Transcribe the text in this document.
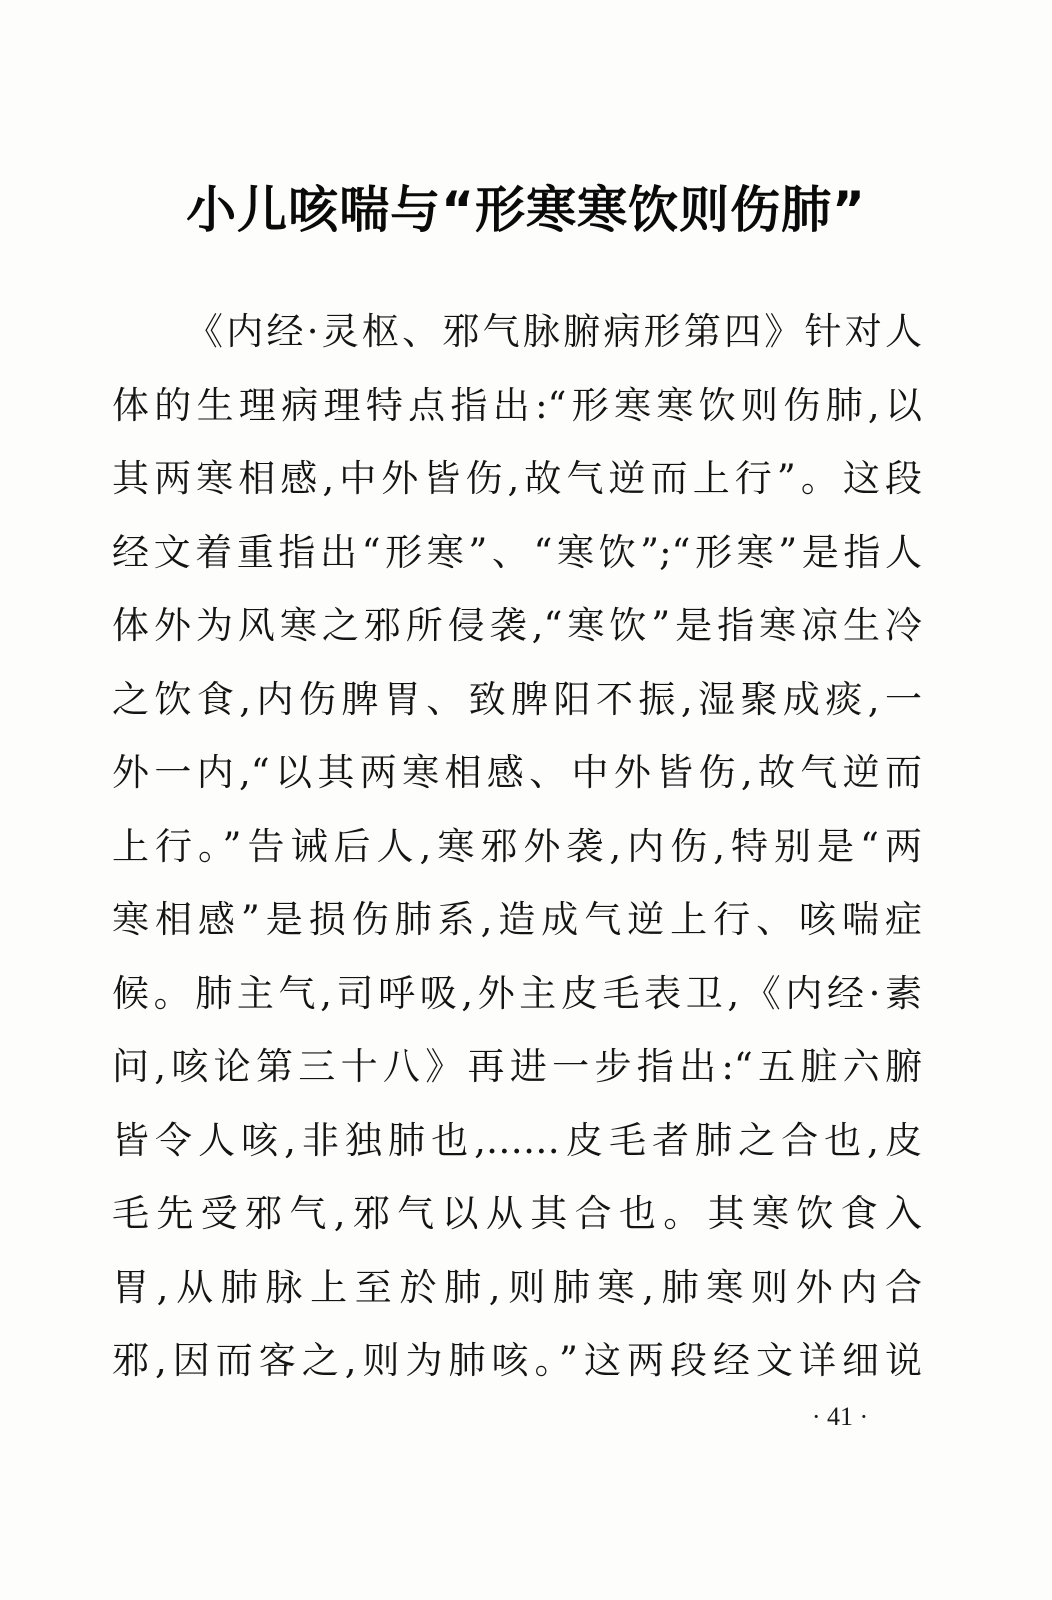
小儿咳喘与“形寒寒饮则伤肺”
《内经·灵枢、邪气脉腑病形第四》针对人
体的生理病理特点指出:“形寒寒饮则伤肺,以
其两寒相感,中外皆伤,故气逆而上行”。这段
经文着重指出“形寒”、“寒饮”;“形寒”是指人
体外为风寒之邪所侵袭,“寒饮”是指寒凉生冷
之饮食,内伤脾胃、致脾阳不振,湿聚成痰,一
外一内,“以其两寒相感、中外皆伤,故气逆而
上行。”告诫后人,寒邪外袭,内伤,特别是“两
寒相感”是损伤肺系,造成气逆上行、咳喘症
候。肺主气,司呼吸,外主皮毛表卫,《内经·素
问,咳论第三十八》再进一步指出:“五脏六腑
皆令人咳,非独肺也,……皮毛者肺之合也,皮
毛先受邪气,邪气以从其合也。其寒饮食入
胃,从肺脉上至於肺,则肺寒,肺寒则外内合
邪,因而客之,则为肺咳。”这两段经文详细说
· 41 ·
